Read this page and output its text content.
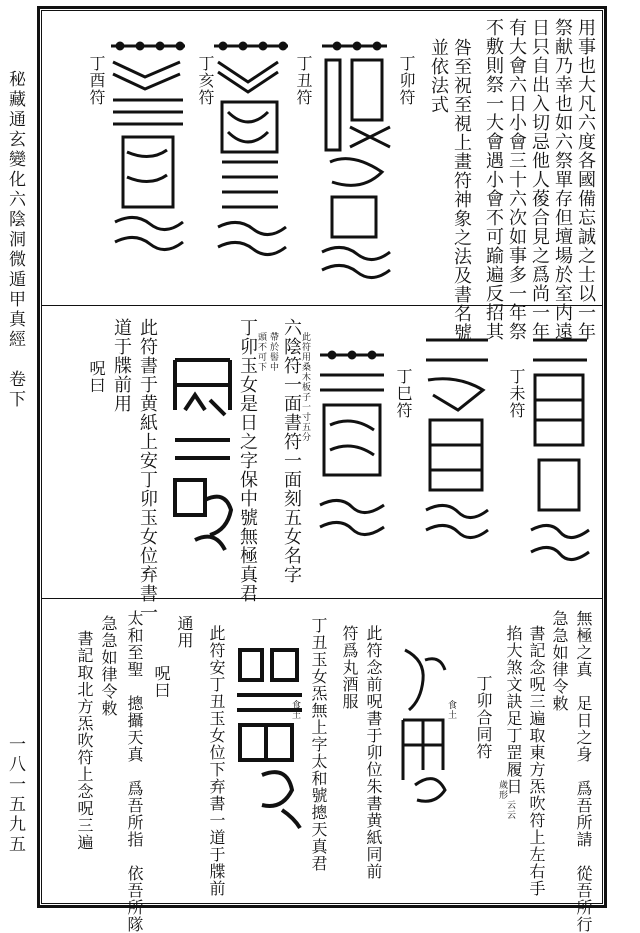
秘藏通玄變化六陰洞微遁甲真經　卷下
一八一五九五
用事也大凡六度各國備忘誠之士以一年
祭献乃幸也如六祭單存但壇場於室内遠
日只自出入切忌他人葰合見之爲尚一年
有大會六日小會三十六次如事多一年祭
不敷則祭一大會遇小會不可踰遍反招其
咎至祝至視上畫符神象之法及書名號
並依法式
丁卯符
丁丑符
丁亥符
丁酉符
丁未符
丁巳符
此符用桑木板子一寸五分
六陰符一面書符一面刻五女名字
帶於髻中
頭不可下
丁卯玉女是日之字保中號無極真君
此符書于黄紙上安丁卯玉女位弃書一
道于牒前用
呪曰
無極之真　足日之身　爲吾所請　從吾所行
急急如律令敕
書記念呪三遍取東方炁吹符上左右手
掐大煞文訣足丁罡履日
云云
歲形
丁卯合同符
食土
此符念前呪書于卯位朱書黄紙同前
符爲丸酒服
丁丑玉女炁無上字太和號摠天真君
食土
此符安丁丑玉女位下弃書一道于牒前
通用
呪曰
太和至聖　摠攝天真　爲吾所指　依吾所隊
急急如律令敕
書記取北方炁吹符上念呪三遍
